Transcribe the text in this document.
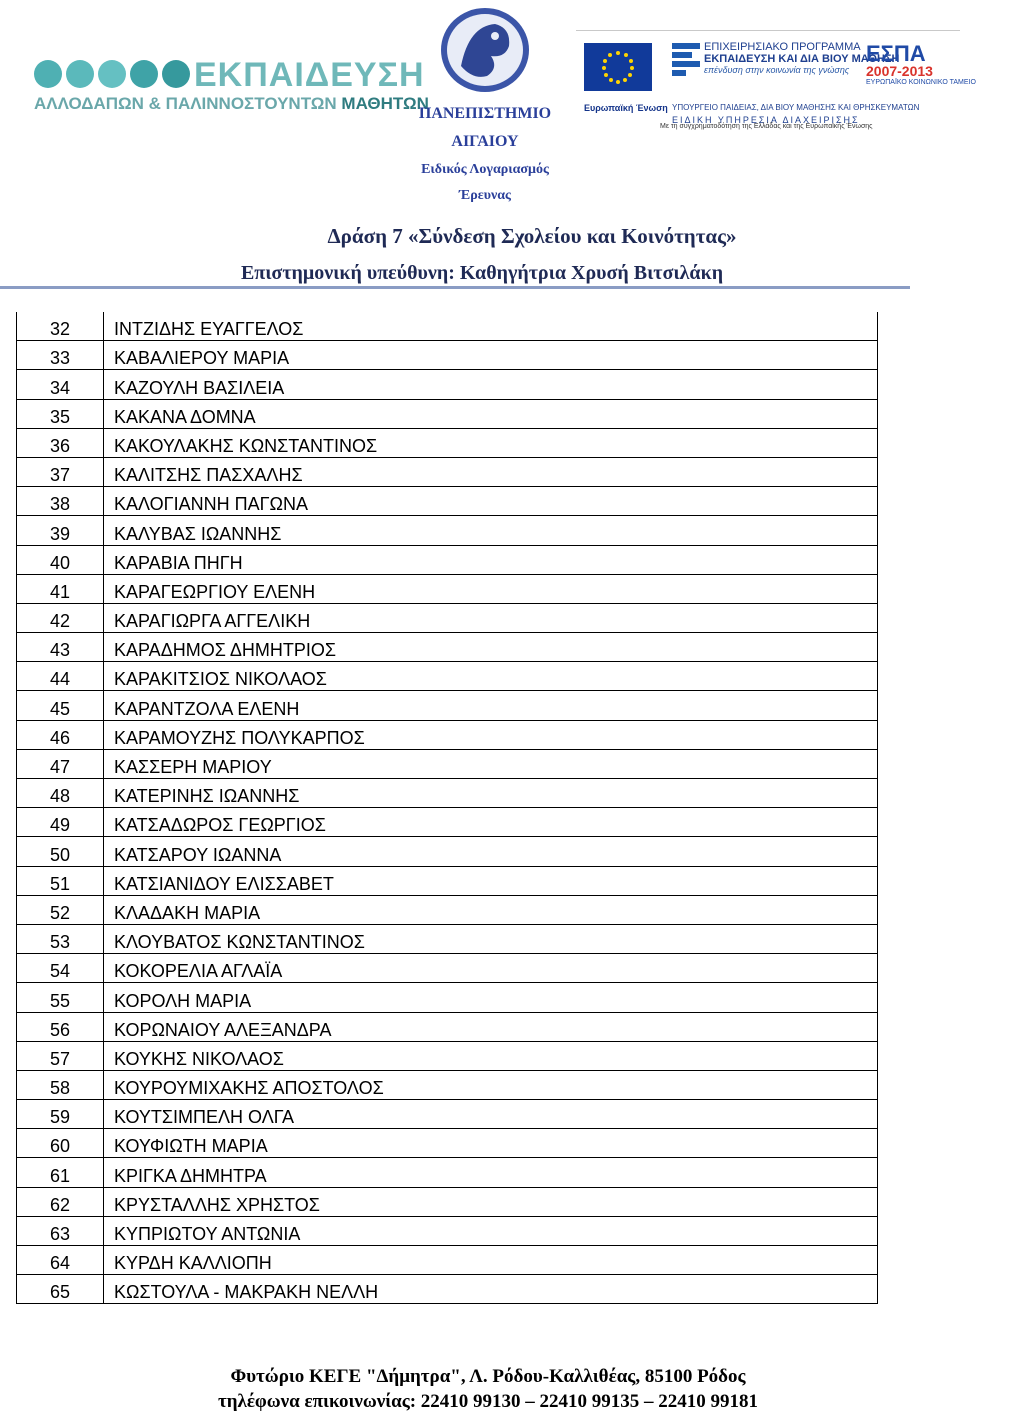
ΕΚΠΑΙΔΕΥΣΗ
ΑΛΛΟΔΑΠΩΝ & ΠΑΛΙΝΝΟΣΤΟΥΝΤΩΝ ΜΑΘΗΤΩΝ
ΠΑΝΕΠΙΣΤΗΜΙΟ
ΑΙΓΑΙΟΥ
Ειδικός Λογαριασμός
Έρευνας
Ευρωπαϊκή Ένωση
ΕΠΙΧΕΙΡΗΣΙΑΚΟ ΠΡΟΓΡΑΜΜΑ
ΕΚΠΑΙΔΕΥΣΗ ΚΑΙ ΔΙΑ ΒΙΟΥ ΜΑΘΗΣΗ
επένδυση στην κοινωνία της γνώσης
ΥΠΟΥΡΓΕΙΟ ΠΑΙΔΕΙΑΣ, ΔΙΑ ΒΙΟΥ ΜΑΘΗΣΗΣ ΚΑΙ ΘΡΗΣΚΕΥΜΑΤΩΝ
ΕΙΔΙΚΗ ΥΠΗΡΕΣΙΑ ΔΙΑΧΕΙΡΙΣΗΣ
Με τη συγχρηματοδότηση της Ελλάδας και της Ευρωπαϊκής Ένωσης
ΕΣΠΑ
2007-2013
ΕΥΡΩΠΑΪΚΟ ΚΟΙΝΩΝΙΚΟ ΤΑΜΕΙΟ
Δράση 7 «Σύνδεση Σχολείου και Κοινότητας»
Επιστημονική υπεύθυνη: Καθηγήτρια Χρυσή Βιτσιλάκη
32	ΙΝΤΖΙΔΗΣ ΕΥΑΓΓΕΛΟΣ
33	ΚΑΒΑΛΙΕΡΟΥ ΜΑΡΙΑ
34	ΚΑΖΟΥΛΗ ΒΑΣΙΛΕΙΑ
35	ΚΑΚΑΝΑ ΔΟΜΝΑ
36	ΚΑΚΟΥΛΑΚΗΣ ΚΩΝΣΤΑΝΤΙΝΟΣ
37	ΚΑΛΙΤΣΗΣ ΠΑΣΧΑΛΗΣ
38	ΚΑΛΟΓΙΑΝΝΗ ΠΑΓΩΝΑ
39	ΚΑΛΥΒΑΣ ΙΩΑΝΝΗΣ
40	ΚΑΡΑΒΙΑ ΠΗΓΗ
41	ΚΑΡΑΓΕΩΡΓΙΟΥ ΕΛΕΝΗ
42	ΚΑΡΑΓΙΩΡΓΑ ΑΓΓΕΛΙΚΗ
43	ΚΑΡΑΔΗΜΟΣ ΔΗΜΗΤΡΙΟΣ
44	ΚΑΡΑΚΙΤΣΙΟΣ ΝΙΚΟΛΑΟΣ
45	ΚΑΡΑΝΤΖΟΛΑ ΕΛΕΝΗ
46	ΚΑΡΑΜΟΥΖΗΣ ΠΟΛΥΚΑΡΠΟΣ
47	ΚΑΣΣΕΡΗ ΜΑΡΙΟΥ
48	ΚΑΤΕΡΙΝΗΣ ΙΩΑΝΝΗΣ
49	ΚΑΤΣΑΔΩΡΟΣ ΓΕΩΡΓΙΟΣ
50	ΚΑΤΣΑΡΟΥ ΙΩΑΝΝΑ
51	ΚΑΤΣΙΑΝΙΔΟΥ ΕΛΙΣΣΑΒΕΤ
52	ΚΛΑΔΑΚΗ ΜΑΡΙΑ
53	ΚΛΟΥΒΑΤΟΣ ΚΩΝΣΤΑΝΤΙΝΟΣ
54	ΚΟΚΟΡΕΛΙΑ ΑΓΛΑΪΑ
55	ΚΟΡΟΛΗ ΜΑΡΙΑ
56	ΚΟΡΩΝΑΙΟΥ ΑΛΕΞΑΝΔΡΑ
57	ΚΟΥΚΗΣ ΝΙΚΟΛΑΟΣ
58	ΚΟΥΡΟΥΜΙΧΑΚΗΣ ΑΠΟΣΤΟΛΟΣ
59	ΚΟΥΤΣΙΜΠΕΛΗ ΟΛΓΑ
60	ΚΟΥΦΙΩΤΗ ΜΑΡΙΑ
61	ΚΡΙΓΚΑ ΔΗΜΗΤΡΑ
62	ΚΡΥΣΤΑΛΛΗΣ ΧΡΗΣΤΟΣ
63	ΚΥΠΡΙΩΤΟΥ ΑΝΤΩΝΙΑ
64	ΚΥΡΔΗ ΚΑΛΛΙΟΠΗ
65	ΚΩΣΤΟΥΛΑ - ΜΑΚΡΑΚΗ ΝΕΛΛΗ
Φυτώριο ΚΕΓΕ "Δήμητρα", Λ. Ρόδου-Καλλιθέας, 85100 Ρόδος
τηλέφωνα επικοινωνίας: 22410 99130 – 22410 99135 – 22410 99181
